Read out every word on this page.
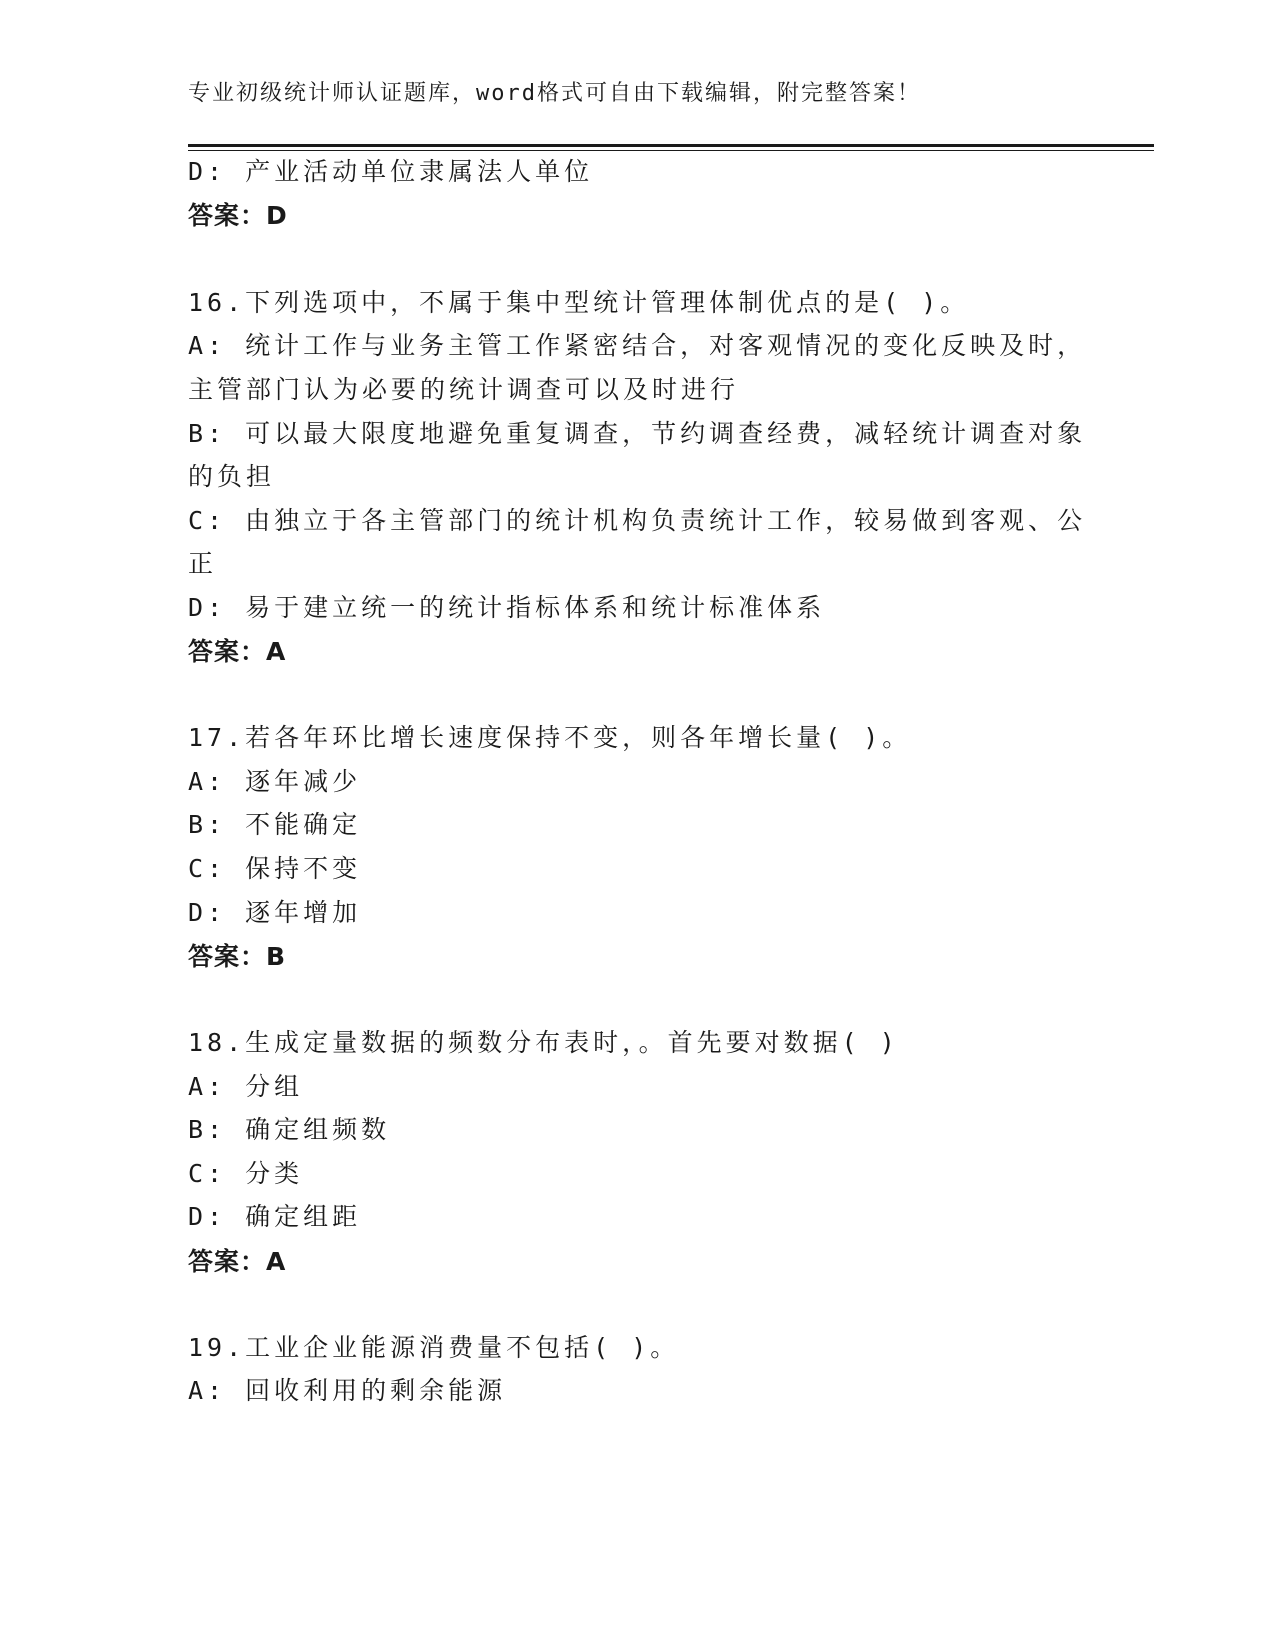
专业初级统计师认证题库，word格式可自由下载编辑，附完整答案！
D: 产业活动单位隶属法人单位
答案：D
16.下列选项中，不属于集中型统计管理体制优点的是( )。
A: 统计工作与业务主管工作紧密结合，对客观情况的变化反映及时，
主管部门认为必要的统计调查可以及时进行
B: 可以最大限度地避免重复调查，节约调查经费，减轻统计调查对象
的负担
C: 由独立于各主管部门的统计机构负责统计工作，较易做到客观、公
正
D: 易于建立统一的统计指标体系和统计标准体系
答案：A
17.若各年环比增长速度保持不变，则各年增长量( )。
A: 逐年减少
B: 不能确定
C: 保持不变
D: 逐年增加
答案：B
18.生成定量数据的频数分布表时，。首先要对数据( )
A: 分组
B: 确定组频数
C: 分类
D: 确定组距
答案：A
19.工业企业能源消费量不包括( )。
A: 回收利用的剩余能源
